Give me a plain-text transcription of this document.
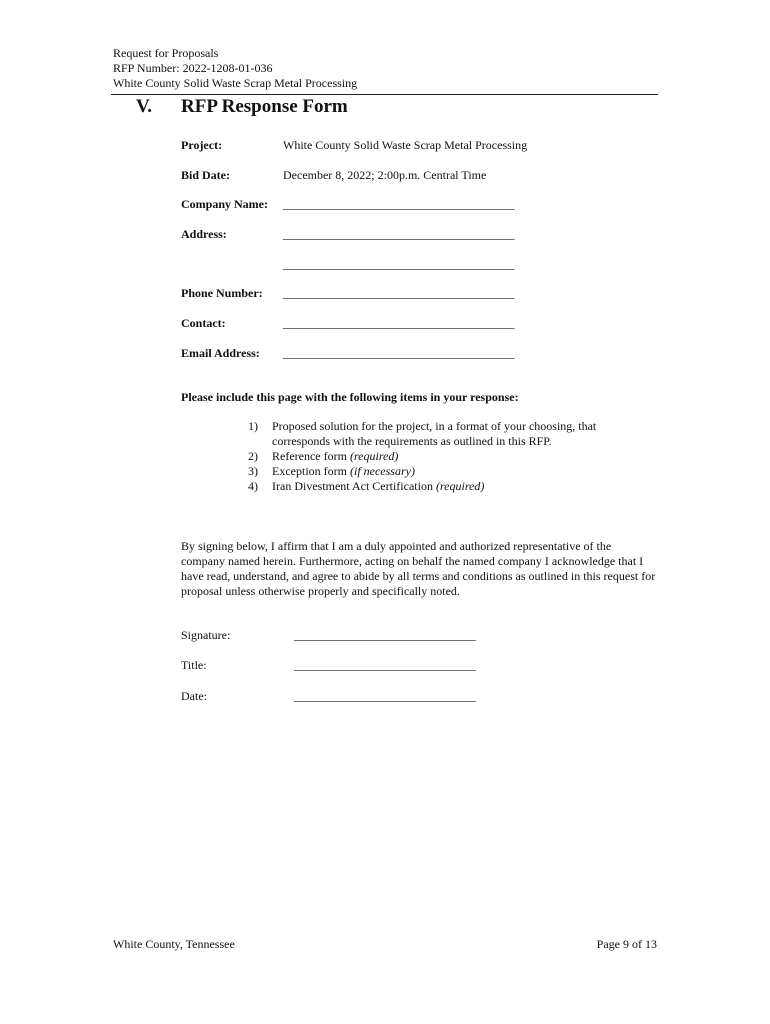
Request for Proposals
RFP Number: 2022-1208-01-036
White County Solid Waste Scrap Metal Processing
V. RFP Response Form
Project:	White County Solid Waste Scrap Metal Processing
Bid Date:	December 8, 2022; 2:00p.m. Central Time
Company Name: __________________________________________
Address:	__________________________________________
__________________________________________
Phone Number: __________________________________________
Contact:	__________________________________________
Email Address: __________________________________________
Please include this page with the following items in your response:
1) Proposed solution for the project, in a format of your choosing, that corresponds with the requirements as outlined in this RFP.
2) Reference form (required)
3) Exception form (if necessary)
4) Iran Divestment Act Certification (required)
By signing below, I affirm that I am a duly appointed and authorized representative of the company named herein. Furthermore, acting on behalf the named company I acknowledge that I have read, understand, and agree to abide by all terms and conditions as outlined in this request for proposal unless otherwise properly and specifically noted.
Signature:	_________________________________
Title:	_________________________________
Date:	_________________________________
White County, Tennessee	Page 9 of 13
